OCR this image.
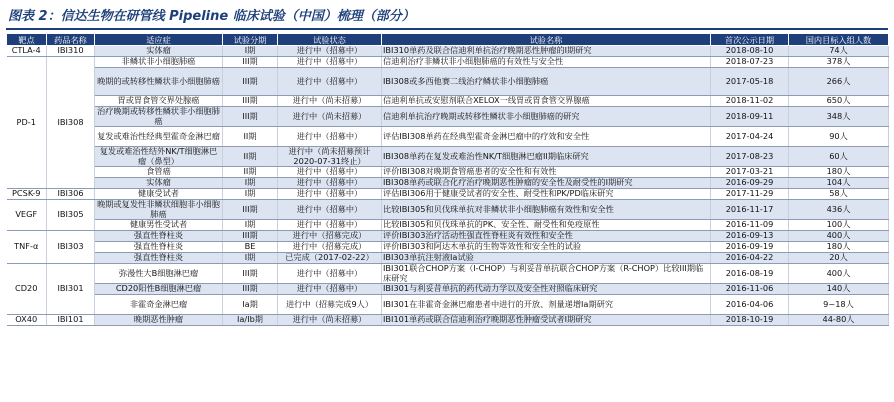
图表 2：信达生物在研管线 Pipeline 临床试验（中国）梳理（部分）
靶点	药品名称	适应症	试验分期	试验状态	试验名称	首次公示日期	国内目标入组人数
CTLA-4	IBI310	实体瘤	I期	进行中（招募中）	IBI310单药及联合信迪利单抗治疗晚期恶性肿瘤的I期研究	2018-08-10	74人
PD-1	IBI308	非鳞状非小细胞肺癌	III期	进行中（招募中）	信迪利治疗非鳞状非小细胞肺癌的有效性与安全性	2018-07-23	378人
		晚期的或转移性鳞状非小细胞肺癌	III期	进行中（招募中）	IBI308或多西他赛二线治疗鳞状非小细胞肺癌	2017-05-18	266人
		胃或胃食管交界处腺癌	III期	进行中（尚未招募）	信迪利单抗或安慰剂联合XELOX一线胃或胃食管交界腺癌	2018-11-02	650人
		治疗晚期或转移性鳞状非小细胞肺癌	III期	进行中（尚未招募）	信迪利单抗治疗晚期或转移性鳞状非小细胞肺癌的研究	2018-09-11	348人
		复发或难治性经典型霍奇金淋巴瘤	II期	进行中（招募中）	评估IBI308单药在经典型霍奇金淋巴瘤中的疗效和安全性	2017-04-24	90人
		复发或难治性结外NK/T细胞淋巴瘤（鼻型）	II期	进行中（尚未招募预计2020-07-31终止）	IBI308单药在复发或难治性NK/T细胞淋巴瘤II期临床研究	2017-08-23	60人
		食管癌	II期	进行中（招募中）	评价IBI308对晚期食管癌患者的安全性和有效性	2017-03-21	180人
		实体瘤	I期	进行中（招募中）	IBI308单药或联合化疗治疗晚期恶性肿瘤的安全性及耐受性的I期研究	2016-09-29	104人
PCSK-9	IBI306	健康受试者	I期	进行中（招募中）	评估IBI306用于健康受试者的安全性、耐受性和PK/PD临床研究	2017-11-29	58人
VEGF	IBI305	晚期或复发性非鳞状细胞非小细胞肺癌	III期	进行中（招募中）	比较IBI305和贝伐珠单抗对非鳞状非小细胞肺癌有效性和安全性	2016-11-17	436人
		健康男性受试者	I期	进行中（招募中）	比较IBI305和贝伐珠单抗的PK、安全性、耐受性和免疫原性	2016-11-09	100人
TNF-α	IBI303	强直性脊柱炎	III期	进行中（招募完成）	评价IBI303治疗活动性强直性脊柱炎有效性和安全性	2016-09-13	400人
		强直性脊柱炎	BE	进行中（招募完成）	评价IBI303和阿达木单抗的生物等效性和安全性的试验	2016-09-19	180人
		强直性脊柱炎	I期	已完成（2017-02-22）	IBI303单抗注射液Ia试验	2016-04-22	20人
CD20	IBI301	弥漫性大B细胞淋巴瘤	III期	进行中（招募中）	IBI301联合CHOP方案（I-CHOP）与利妥昔单抗联合CHOP方案（R-CHOP）比较III期临床研究	2016-08-19	400人
		CD20阳性B细胞淋巴瘤	III期	进行中（招募中）	IBI301与利妥昔单抗的药代动力学以及安全性对照临床研究	2016-11-06	140人
		非霍奇金淋巴瘤	Ia期	进行中（招募完成9人）	IBI301在非霍奇金淋巴瘤患者中进行的开放、剂量递增Ia期研究	2016-04-06	9~18人
OX40	IBI101	晚期恶性肿瘤	Ia/Ib期	进行中（尚未招募）	IBI101单药或联合信迪利治疗晚期恶性肿瘤受试者I期研究	2018-10-19	44-80人
